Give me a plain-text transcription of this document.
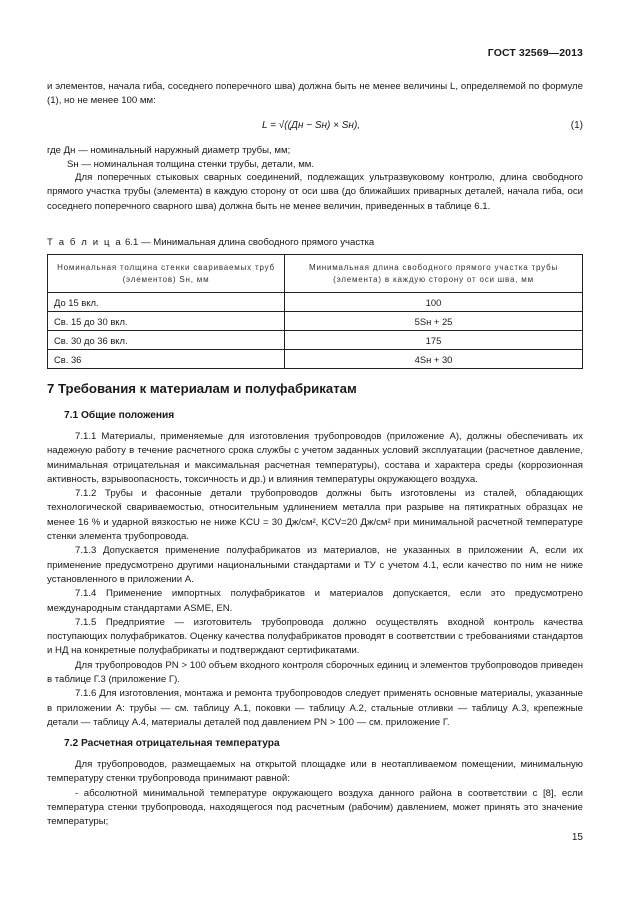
ГОСТ 32569—2013

и элементов, начала гиба, соседнего поперечного шва) должна быть не менее величины L, определяемой по формуле (1), но не менее 100 мм:

L = √((Дн − Sн) × Sн),	(1)
где Дн — номинальный наружный диаметр трубы, мм;
Sн — номинальная толщина стенки трубы, детали, мм.

Для поперечных стыковых сварных соединений, подлежащих ультразвуковому контролю, длина свободного прямого участка трубы (элемента) в каждую сторону от оси шва (до ближайших приварных деталей, начала гиба, оси соседнего поперечного сварного шва) должна быть не менее величин, приведенных в таблице 6.1.

Т а б л и ц а 6.1 — Минимальная длина свободного прямого участка
Номинальная толщина стенки свариваемых труб (элементов) Sн, мм	Минимальная длина свободного прямого участка трубы (элемента) в каждую сторону от оси шва, мм
До 15 вкл.	100
Св. 15 до 30 вкл.	5Sн + 25
Св. 30 до 36 вкл.	175
Св. 36	4Sн + 30
7 Требования к материалам и полуфабрикатам
7.1 Общие положения

7.1.1 Материалы, применяемые для изготовления трубопроводов (приложение А), должны обеспечивать их надежную работу в течение расчетного срока службы с учетом заданных условий эксплуатации (расчетное давление, минимальная отрицательная и максимальная расчетная температуры), состава и характера среды (коррозионная активность, взрывоопасность, токсичность и др.) и влияния температуры окружающего воздуха.

7.1.2 Трубы и фасонные детали трубопроводов должны быть изготовлены из сталей, обладающих технологической свариваемостью, относительным удлинением металла при разрыве на пятикратных образцах не менее 16 % и ударной вязкостью не ниже KCU = 30 Дж/см², KCV=20 Дж/см² при минимальной расчетной температуре стенки элемента трубопровода.

7.1.3 Допускается применение полуфабрикатов из материалов, не указанных в приложении А, если их применение предусмотрено другими национальными стандартами и ТУ с учетом 4.1, если качество по ним не ниже установленного в приложении А.

7.1.4 Применение импортных полуфабрикатов и материалов допускается, если это предусмотрено международным стандартами ASME, EN.

7.1.5 Предприятие — изготовитель трубопровода должно осуществлять входной контроль качества поступающих полуфабрикатов. Оценку качества полуфабрикатов проводят в соответствии с требованиями стандартов и НД на конкретные полуфабрикаты и подтверждают сертификатами.

Для трубопроводов PN > 100 объем входного контроля сборочных единиц и элементов трубопроводов приведен в таблице Г.3 (приложение Г).

7.1.6 Для изготовления, монтажа и ремонта трубопроводов следует применять основные материалы, указанные в приложении А: трубы — см. таблицу А.1, поковки — таблицу А.2, стальные отливки — таблицу А.3, крепежные детали — таблицу А.4, материалы деталей под давлением PN > 100 — см. приложение Г.

7.2 Расчетная отрицательная температура

Для трубопроводов, размещаемых на открытой площадке или в неотапливаемом помещении, минимальную температуру стенки трубопровода принимают равной:

- абсолютной минимальной температуре окружающего воздуха данного района в соответствии с [8], если температура стенки трубопровода, находящегося под расчетным (рабочим) давлением, может принять это значение температуры;

15
